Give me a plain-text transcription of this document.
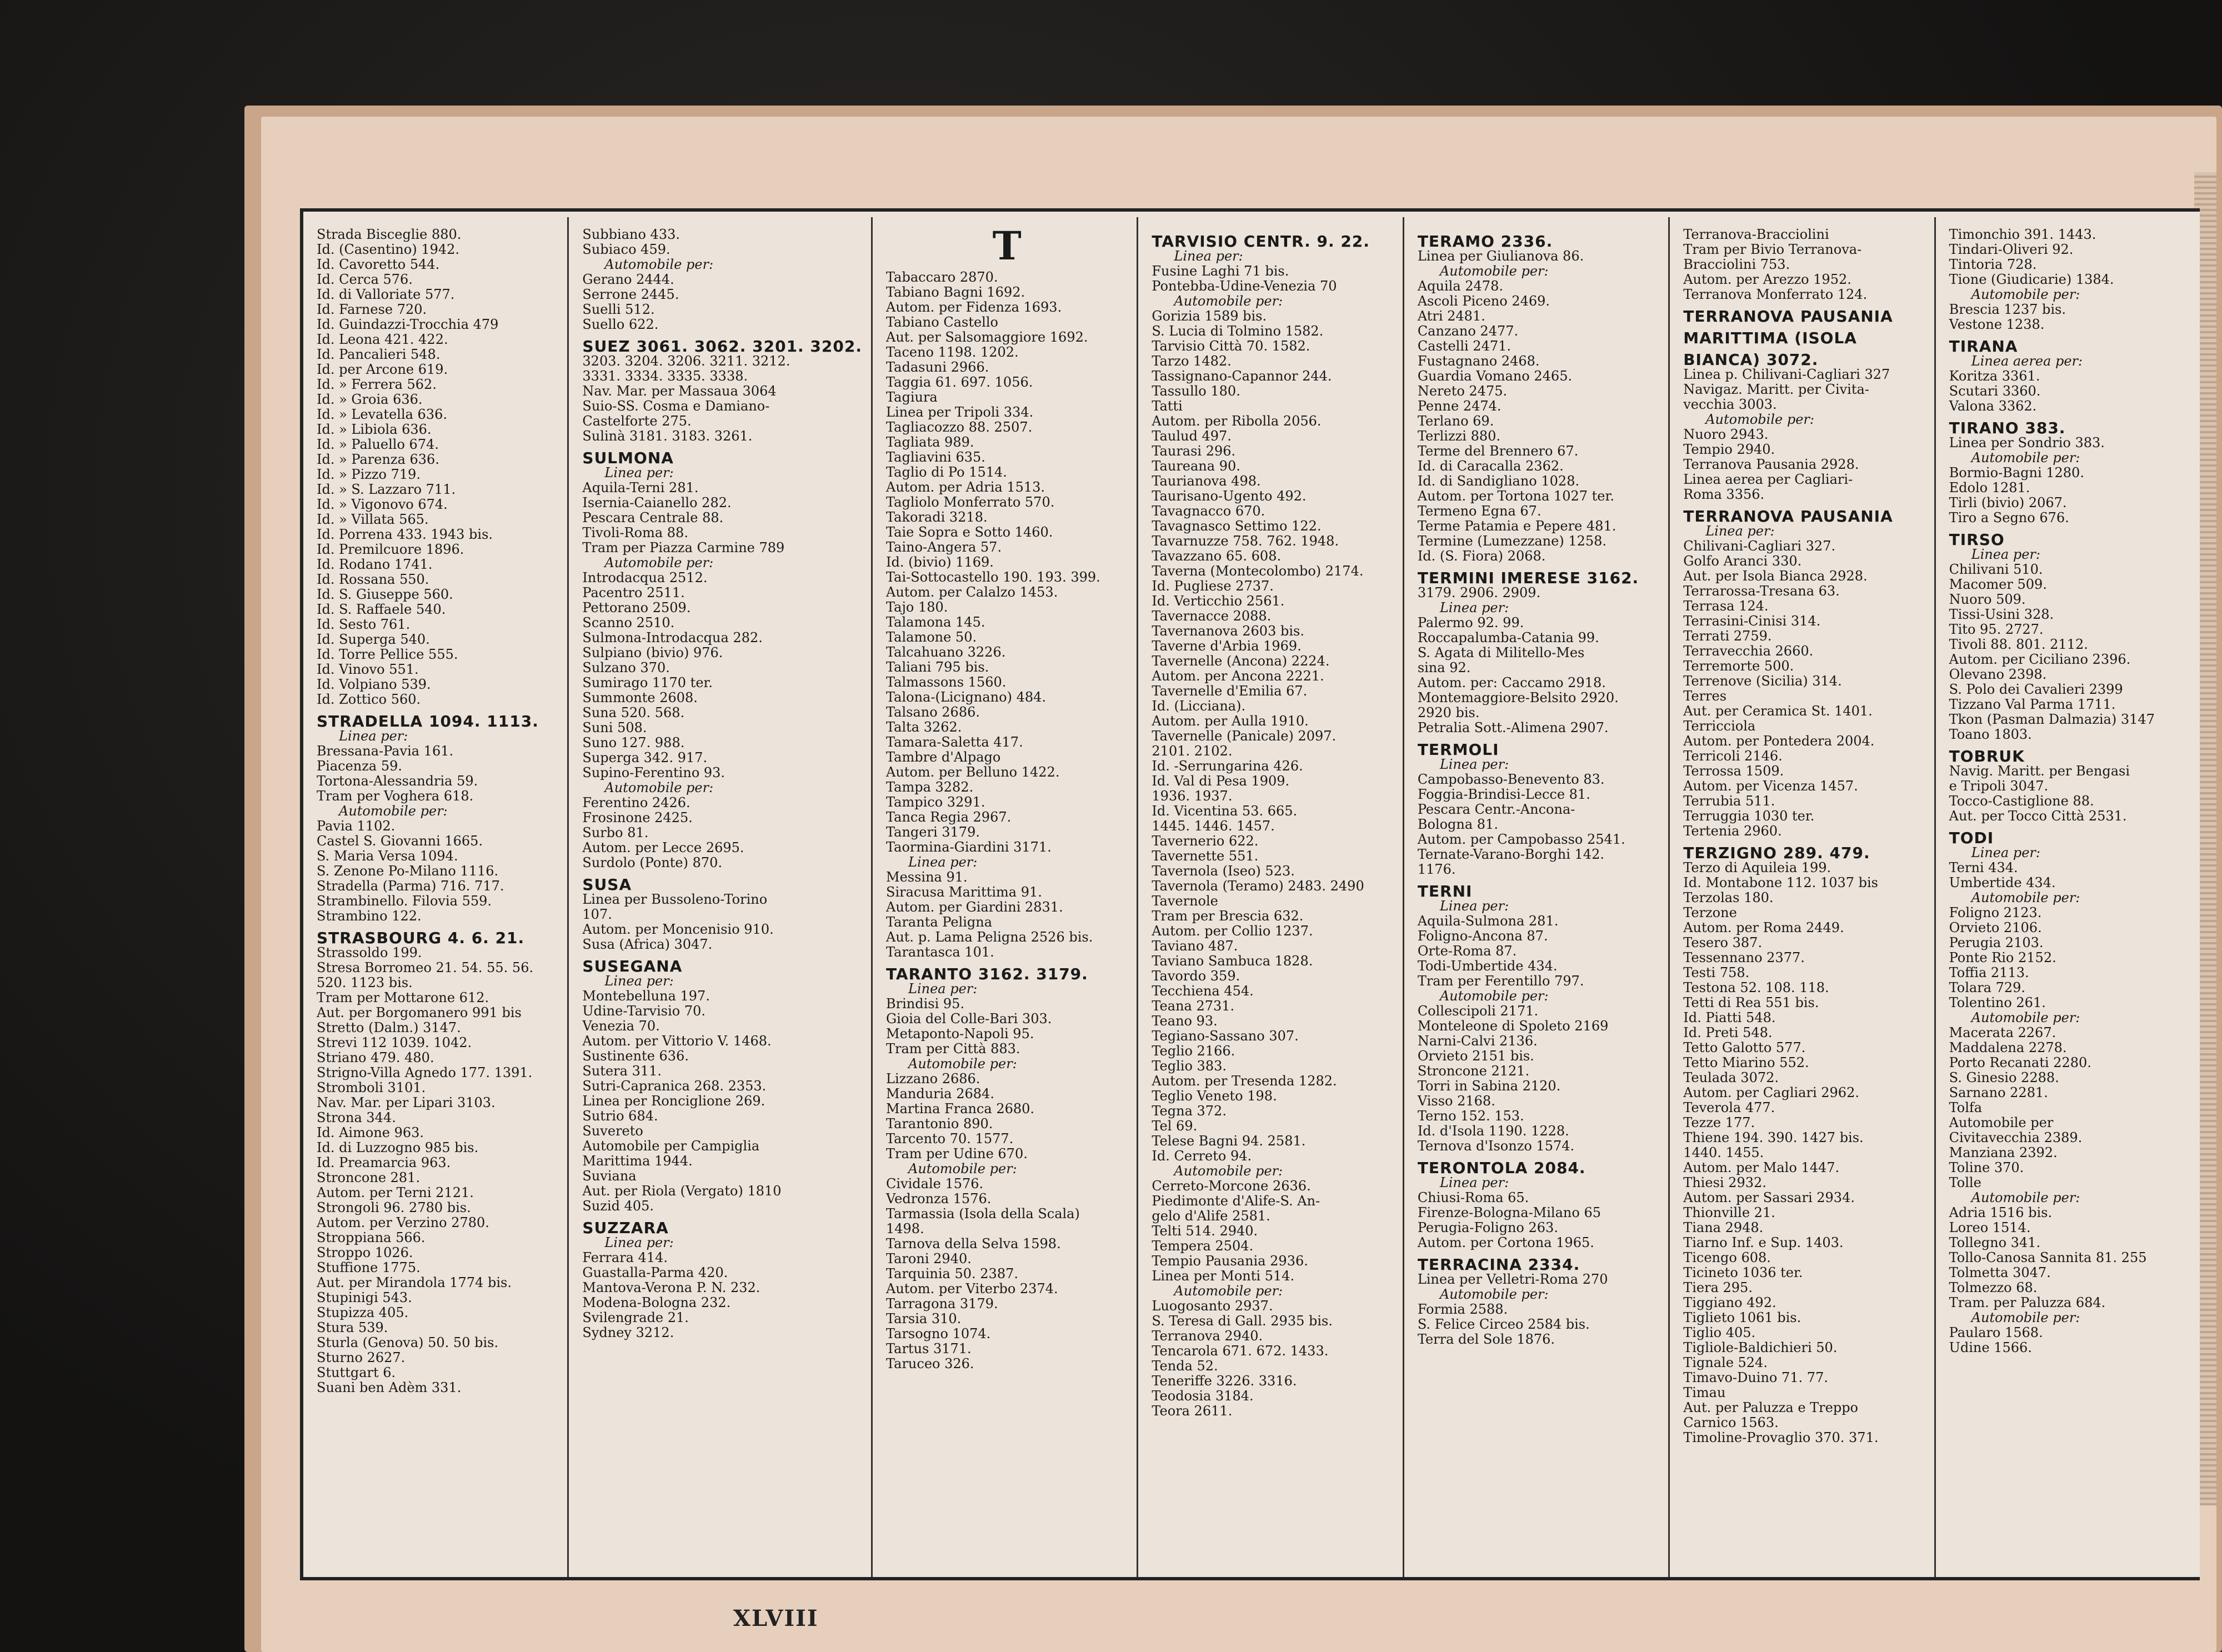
Strada Bisceglie 880.
Id. (Casentino) 1942.
Id. Cavoretto 544.
Id. Cerca 576.
Id. di Valloriate 577.
Id. Farnese 720.
Id. Guindazzi-Trocchia 479
Id. Leona 421. 422.
Id. Pancalieri 548.
Id. per Arcone 619.
Id. » Ferrera 562.
Id. » Groia 636.
Id. » Levatella 636.
Id. » Libiola 636.
Id. » Paluello 674.
Id. » Parenza 636.
Id. » Pizzo 719.
Id. » S. Lazzaro 711.
Id. » Vigonovo 674.
Id. » Villata 565.
Id. Porrena 433. 1943 bis.
Id. Premilcuore 1896.
Id. Rodano 1741.
Id. Rossana 550.
Id. S. Giuseppe 560.
Id. S. Raffaele 540.
Id. Sesto 761.
Id. Superga 540.
Id. Torre Pellice 555.
Id. Vinovo 551.
Id. Volpiano 539.
Id. Zottico 560.
STRADELLA 1094. 1113.
Linea per:
Bressana-Pavia 161.
Piacenza 59.
Tortona-Alessandria 59.
Tram per Voghera 618.
Automobile per:
Pavia 1102.
Castel S. Giovanni 1665.
S. Maria Versa 1094.
S. Zenone Po-Milano 1116.
Stradella (Parma) 716. 717.
Strambinello. Filovia 559.
Strambino 122.
STRASBOURG 4. 6. 21.
Strassoldo 199.
Stresa Borromeo 21. 54. 55. 56.
520. 1123 bis.
Tram per Mottarone 612.
Aut. per Borgomanero 991 bis
Stretto (Dalm.) 3147.
Strevi 112 1039. 1042.
Striano 479. 480.
Strigno-Villa Agnedo 177. 1391.
Stromboli 3101.
Nav. Mar. per Lipari 3103.
Strona 344.
Id. Aimone 963.
Id. di Luzzogno 985 bis.
Id. Preamarcia 963.
Stroncone 281.
Autom. per Terni 2121.
Strongoli 96. 2780 bis.
Autom. per Verzino 2780.
Stroppiana 566.
Stroppo 1026.
Stuffione 1775.
Aut. per Mirandola 1774 bis.
Stupinigi 543.
Stupizza 405.
Stura 539.
Sturla (Genova) 50. 50 bis.
Sturno 2627.
Stuttgart 6.
Suani ben Adèm 331.
Subbiano 433.
Subiaco 459.
Automobile per:
Gerano 2444.
Serrone 2445.
Suelli 512.
Suello 622.
SUEZ 3061. 3062. 3201. 3202.
3203. 3204. 3206. 3211. 3212.
3331. 3334. 3335. 3338.
Nav. Mar. per Massaua 3064
Suio-SS. Cosma e Damiano-
Castelforte 275.
Sulinà 3181. 3183. 3261.
SULMONA
Linea per:
Aquila-Terni 281.
Isernia-Caianello 282.
Pescara Centrale 88.
Tivoli-Roma 88.
Tram per Piazza Carmine 789
Automobile per:
Introdacqua 2512.
Pacentro 2511.
Pettorano 2509.
Scanno 2510.
Sulmona-Introdacqua 282.
Sulpiano (bivio) 976.
Sulzano 370.
Sumirago 1170 ter.
Summonte 2608.
Suna 520. 568.
Suni 508.
Suno 127. 988.
Superga 342. 917.
Supino-Ferentino 93.
Automobile per:
Ferentino 2426.
Frosinone 2425.
Surbo 81.
Autom. per Lecce 2695.
Surdolo (Ponte) 870.
SUSA
Linea per Bussoleno-Torino
107.
Autom. per Moncenisio 910.
Susa (Africa) 3047.
SUSEGANA
Linea per:
Montebelluna 197.
Udine-Tarvisio 70.
Venezia 70.
Autom. per Vittorio V. 1468.
Sustinente 636.
Sutera 311.
Sutri-Capranica 268. 2353.
Linea per Ronciglione 269.
Sutrio 684.
Suvereto
Automobile per Campiglia
Marittima 1944.
Suviana
Aut. per Riola (Vergato) 1810
Suzid 405.
SUZZARA
Linea per:
Ferrara 414.
Guastalla-Parma 420.
Mantova-Verona P. N. 232.
Modena-Bologna 232.
Svilengrade 21.
Sydney 3212.
T
Tabaccaro 2870.
Tabiano Bagni 1692.
Autom. per Fidenza 1693.
Tabiano Castello
Aut. per Salsomaggiore 1692.
Taceno 1198. 1202.
Tadasuni 2966.
Taggia 61. 697. 1056.
Tagiura
Linea per Tripoli 334.
Tagliacozzo 88. 2507.
Tagliata 989.
Tagliavini 635.
Taglio di Po 1514.
Autom. per Adria 1513.
Tagliolo Monferrato 570.
Takoradi 3218.
Taie Sopra e Sotto 1460.
Taino-Angera 57.
Id. (bivio) 1169.
Tai-Sottocastello 190. 193. 399.
Autom. per Calalzo 1453.
Tajo 180.
Talamona 145.
Talamone 50.
Talcahuano 3226.
Taliani 795 bis.
Talmassons 1560.
Talona-(Licignano) 484.
Talsano 2686.
Talta 3262.
Tamara-Saletta 417.
Tambre d'Alpago
Autom. per Belluno 1422.
Tampa 3282.
Tampico 3291.
Tanca Regia 2967.
Tangeri 3179.
Taormina-Giardini 3171.
Linea per:
Messina 91.
Siracusa Marittima 91.
Autom. per Giardini 2831.
Taranta Peligna
Aut. p. Lama Peligna 2526 bis.
Tarantasca 101.
TARANTO 3162. 3179.
Linea per:
Brindisi 95.
Gioia del Colle-Bari 303.
Metaponto-Napoli 95.
Tram per Città 883.
Automobile per:
Lizzano 2686.
Manduria 2684.
Martina Franca 2680.
Tarantonio 890.
Tarcento 70. 1577.
Tram per Udine 670.
Automobile per:
Cividale 1576.
Vedronza 1576.
Tarmassia (Isola della Scala)
1498.
Tarnova della Selva 1598.
Taroni 2940.
Tarquinia 50. 2387.
Autom. per Viterbo 2374.
Tarragona 3179.
Tarsia 310.
Tarsogno 1074.
Tartus 3171.
Taruceo 326.
TARVISIO CENTR. 9. 22.
Linea per:
Fusine Laghi 71 bis.
Pontebba-Udine-Venezia 70
Automobile per:
Gorizia 1589 bis.
S. Lucia di Tolmino 1582.
Tarvisio Città 70. 1582.
Tarzo 1482.
Tassignano-Capannor 244.
Tassullo 180.
Tatti
Autom. per Ribolla 2056.
Taulud 497.
Taurasi 296.
Taureana 90.
Taurianova 498.
Taurisano-Ugento 492.
Tavagnacco 670.
Tavagnasco Settimo 122.
Tavarnuzze 758. 762. 1948.
Tavazzano 65. 608.
Taverna (Montecolombo) 2174.
Id. Pugliese 2737.
Id. Verticchio 2561.
Tavernacce 2088.
Tavernanova 2603 bis.
Taverne d'Arbia 1969.
Tavernelle (Ancona) 2224.
Autom. per Ancona 2221.
Tavernelle d'Emilia 67.
Id. (Licciana).
Autom. per Aulla 1910.
Tavernelle (Panicale) 2097.
2101. 2102.
Id. -Serrungarina 426.
Id. Val di Pesa 1909.
1936. 1937.
Id. Vicentina 53. 665.
1445. 1446. 1457.
Tavernerio 622.
Tavernette 551.
Tavernola (Iseo) 523.
Tavernola (Teramo) 2483. 2490
Tavernole
Tram per Brescia 632.
Autom. per Collio 1237.
Taviano 487.
Taviano Sambuca 1828.
Tavordo 359.
Tecchiena 454.
Teana 2731.
Teano 93.
Tegiano-Sassano 307.
Teglio 2166.
Teglio 383.
Autom. per Tresenda 1282.
Teglio Veneto 198.
Tegna 372.
Tel 69.
Telese Bagni 94. 2581.
Id. Cerreto 94.
Automobile per:
Cerreto-Morcone 2636.
Piedimonte d'Alife-S. An-
gelo d'Alife 2581.
Telti 514. 2940.
Tempera 2504.
Tempio Pausania 2936.
Linea per Monti 514.
Automobile per:
Luogosanto 2937.
S. Teresa di Gall. 2935 bis.
Terranova 2940.
Tencarola 671. 672. 1433.
Tenda 52.
Teneriffe 3226. 3316.
Teodosia 3184.
Teora 2611.
TERAMO 2336.
Linea per Giulianova 86.
Automobile per:
Aquila 2478.
Ascoli Piceno 2469.
Atri 2481.
Canzano 2477.
Castelli 2471.
Fustagnano 2468.
Guardia Vomano 2465.
Nereto 2475.
Penne 2474.
Terlano 69.
Terlizzi 880.
Terme del Brennero 67.
Id. di Caracalla 2362.
Id. di Sandigliano 1028.
Autom. per Tortona 1027 ter.
Termeno Egna 67.
Terme Patamia e Pepere 481.
Termine (Lumezzane) 1258.
Id. (S. Fiora) 2068.
TERMINI IMERESE 3162.
3179. 2906. 2909.
Linea per:
Palermo 92. 99.
Roccapalumba-Catania 99.
S. Agata di Militello-Mes
sina 92.
Autom. per: Caccamo 2918.
Montemaggiore-Belsito 2920.
2920 bis.
Petralia Sott.-Alimena 2907.
TERMOLI
Linea per:
Campobasso-Benevento 83.
Foggia-Brindisi-Lecce 81.
Pescara Centr.-Ancona-
Bologna 81.
Autom. per Campobasso 2541.
Ternate-Varano-Borghi 142.
1176.
TERNI
Linea per:
Aquila-Sulmona 281.
Foligno-Ancona 87.
Orte-Roma 87.
Todi-Umbertide 434.
Tram per Ferentillo 797.
Automobile per:
Collescipoli 2171.
Monteleone di Spoleto 2169
Narni-Calvi 2136.
Orvieto 2151 bis.
Stroncone 2121.
Torri in Sabina 2120.
Visso 2168.
Terno 152. 153.
Id. d'Isola 1190. 1228.
Ternova d'Isonzo 1574.
TERONTOLA 2084.
Linea per:
Chiusi-Roma 65.
Firenze-Bologna-Milano 65
Perugia-Foligno 263.
Autom. per Cortona 1965.
TERRACINA 2334.
Linea per Velletri-Roma 270
Automobile per:
Formia 2588.
S. Felice Circeo 2584 bis.
Terra del Sole 1876.
Terranova-Bracciolini
Tram per Bivio Terranova-
Bracciolini 753.
Autom. per Arezzo 1952.
Terranova Monferrato 124.
TERRANOVA PAUSANIA
MARITTIMA (ISOLA
BIANCA) 3072.
Linea p. Chilivani-Cagliari 327
Navigaz. Maritt. per Civita-
vecchia 3003.
Automobile per:
Nuoro 2943.
Tempio 2940.
Terranova Pausania 2928.
Linea aerea per Cagliari-
Roma 3356.
TERRANOVA PAUSANIA
Linea per:
Chilivani-Cagliari 327.
Golfo Aranci 330.
Aut. per Isola Bianca 2928.
Terrarossa-Tresana 63.
Terrasa 124.
Terrasini-Cinisi 314.
Terrati 2759.
Terravecchia 2660.
Terremorte 500.
Terrenove (Sicilia) 314.
Terres
Aut. per Ceramica St. 1401.
Terricciola
Autom. per Pontedera 2004.
Terricoli 2146.
Terrossa 1509.
Autom. per Vicenza 1457.
Terrubia 511.
Terruggia 1030 ter.
Tertenia 2960.
TERZIGNO 289. 479.
Terzo di Aquileia 199.
Id. Montabone 112. 1037 bis
Terzolas 180.
Terzone
Autom. per Roma 2449.
Tesero 387.
Tessennano 2377.
Testi 758.
Testona 52. 108. 118.
Tetti di Rea 551 bis.
Id. Piatti 548.
Id. Preti 548.
Tetto Galotto 577.
Tetto Miarino 552.
Teulada 3072.
Autom. per Cagliari 2962.
Teverola 477.
Tezze 177.
Thiene 194. 390. 1427 bis.
1440. 1455.
Autom. per Malo 1447.
Thiesi 2932.
Autom. per Sassari 2934.
Thionville 21.
Tiana 2948.
Tiarno Inf. e Sup. 1403.
Ticengo 608.
Ticineto 1036 ter.
Tiera 295.
Tiggiano 492.
Tiglieto 1061 bis.
Tiglio 405.
Tigliole-Baldichieri 50.
Tignale 524.
Timavo-Duino 71. 77.
Timau
Aut. per Paluzza e Treppo
Carnico 1563.
Timoline-Provaglio 370. 371.
Timonchio 391. 1443.
Tindari-Oliveri 92.
Tintoria 728.
Tione (Giudicarie) 1384.
Automobile per:
Brescia 1237 bis.
Vestone 1238.
TIRANA
Linea aerea per:
Koritza 3361.
Scutari 3360.
Valona 3362.
TIRANO 383.
Linea per Sondrio 383.
Automobile per:
Bormio-Bagni 1280.
Edolo 1281.
Tirli (bivio) 2067.
Tiro a Segno 676.
TIRSO
Linea per:
Chilivani 510.
Macomer 509.
Nuoro 509.
Tissi-Usini 328.
Tito 95. 2727.
Tivoli 88. 801. 2112.
Autom. per Ciciliano 2396.
Olevano 2398.
S. Polo dei Cavalieri 2399
Tizzano Val Parma 1711.
Tkon (Pasman Dalmazia) 3147
Toano 1803.
TOBRUK
Navig. Maritt. per Bengasi
e Tripoli 3047.
Tocco-Castiglione 88.
Aut. per Tocco Città 2531.
TODI
Linea per:
Terni 434.
Umbertide 434.
Automobile per:
Foligno 2123.
Orvieto 2106.
Perugia 2103.
Ponte Rio 2152.
Toffia 2113.
Tolara 729.
Tolentino 261.
Automobile per:
Macerata 2267.
Maddalena 2278.
Porto Recanati 2280.
S. Ginesio 2288.
Sarnano 2281.
Tolfa
Automobile per
Civitavecchia 2389.
Manziana 2392.
Toline 370.
Tolle
Automobile per:
Adria 1516 bis.
Loreo 1514.
Tollegno 341.
Tollo-Canosa Sannita 81. 255
Tolmetta 3047.
Tolmezzo 68.
Tram. per Paluzza 684.
Automobile per:
Paularo 1568.
Udine 1566.
XLVIII
